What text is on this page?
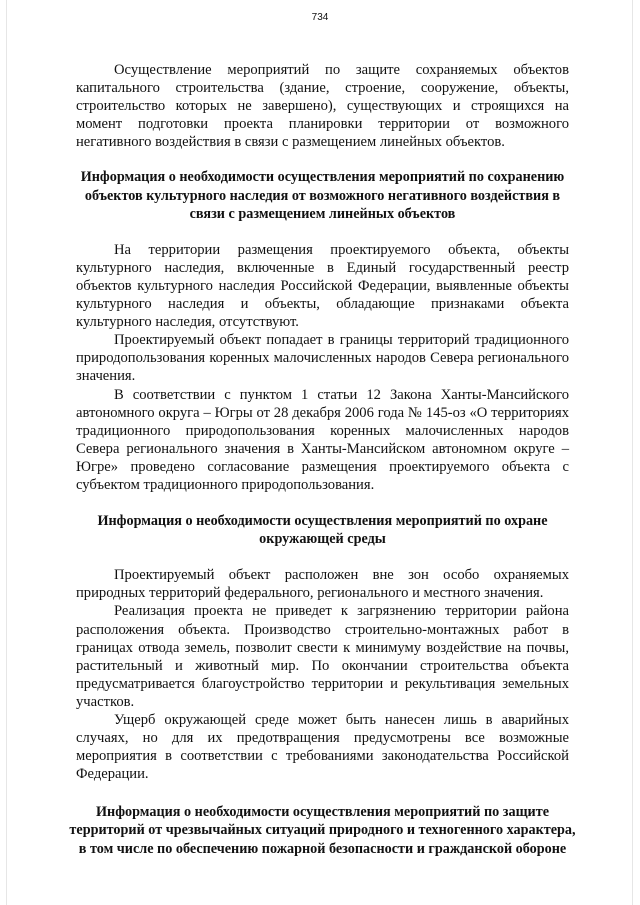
734

Осуществление мероприятий по защите сохраняемых объектов капитального строительства (здание, строение, сооружение, объекты, строительство которых не завершено), существующих и строящихся на момент подготовки проекта планировки территории от возможного негативного воздействия в связи с размещением линейных объектов.

Информация о необходимости осуществления мероприятий по сохранению объектов культурного наследия от возможного негативного воздействия в связи с размещением линейных объектов

На территории размещения проектируемого объекта, объекты культурного наследия, включенные в Единый государственный реестр объектов культурного наследия Российской Федерации, выявленные объекты культурного наследия и объекты, обладающие признаками объекта культурного наследия, отсутствуют.

Проектируемый объект попадает в границы территорий традиционного природопользования коренных малочисленных народов Севера регионального значения.

В соответствии с пунктом 1 статьи 12 Закона Ханты-Мансийского автономного округа – Югры от 28 декабря 2006 года № 145-оз «О территориях традиционного природопользования коренных малочисленных народов Севера регионального значения в Ханты-Мансийском автономном округе – Югре» проведено согласование размещения проектируемого объекта с субъектом традиционного природопользования.

Информация о необходимости осуществления мероприятий по охране окружающей среды

Проектируемый объект расположен вне зон особо охраняемых природных территорий федерального, регионального и местного значения.

Реализация проекта не приведет к загрязнению территории района расположения объекта. Производство строительно-монтажных работ в границах отвода земель, позволит свести к минимуму воздействие на почвы, растительный и животный мир. По окончании строительства объекта предусматривается благоустройство территории и рекультивация земельных участков.

Ущерб окружающей среде может быть нанесен лишь в аварийных случаях, но для их предотвращения предусмотрены все возможные мероприятия в соответствии с требованиями законодательства Российской Федерации.

Информация о необходимости осуществления мероприятий по защите территорий от чрезвычайных ситуаций природного и техногенного характера, в том числе по обеспечению пожарной безопасности и гражданской обороне
